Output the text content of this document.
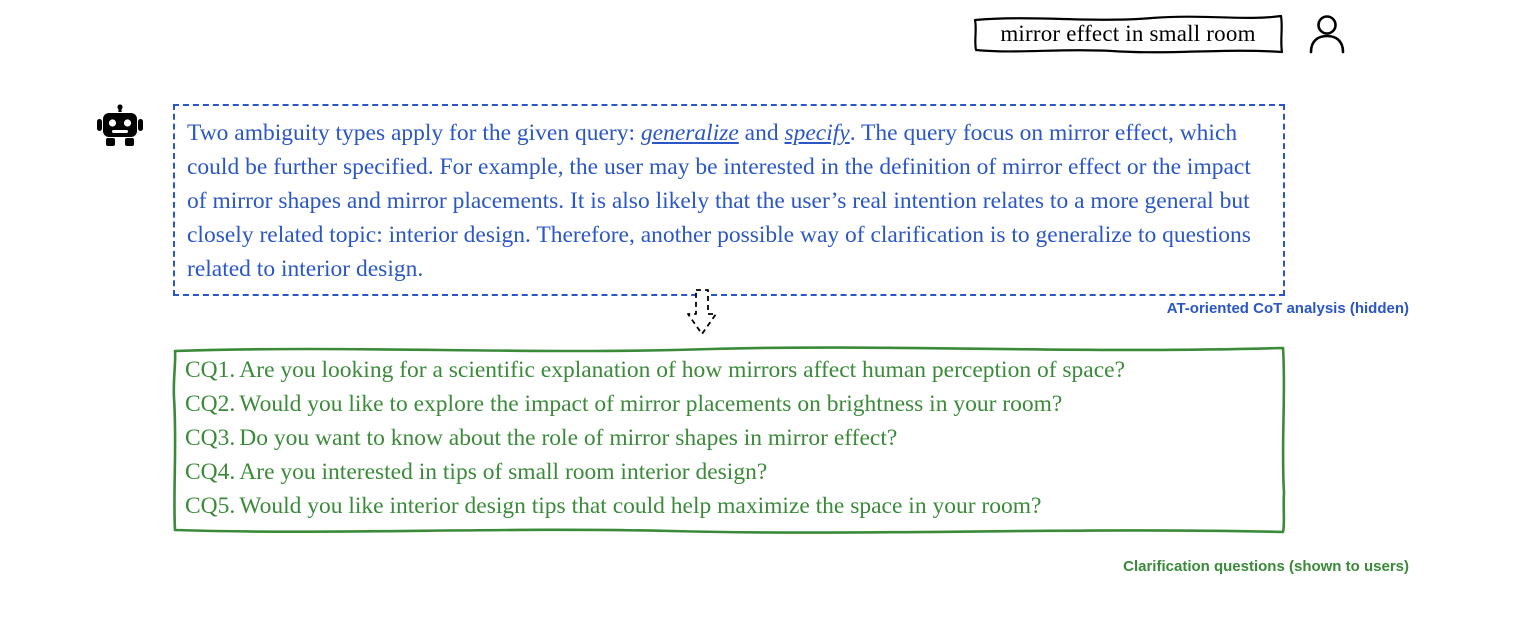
mirror effect in small room
Two ambiguity types apply for the given query: generalize and specify. The query focus on mirror effect, which could be further specified. For example, the user may be interested in the definition of mirror effect or the impact of mirror shapes and mirror placements. It is also likely that the user’s real intention relates to a more general but closely related topic: interior design. Therefore, another possible way of clarification is to generalize to questions related to interior design.
AT-oriented CoT analysis (hidden)
CQ1. Are you looking for a scientific explanation of how mirrors affect human perception of space?
CQ2. Would you like to explore the impact of mirror placements on brightness in your room?
CQ3. Do you want to know about the role of mirror shapes in mirror effect?
CQ4. Are you interested in tips of small room interior design?
CQ5. Would you like interior design tips that could help maximize the space in your room?
Clarification questions (shown to users)
